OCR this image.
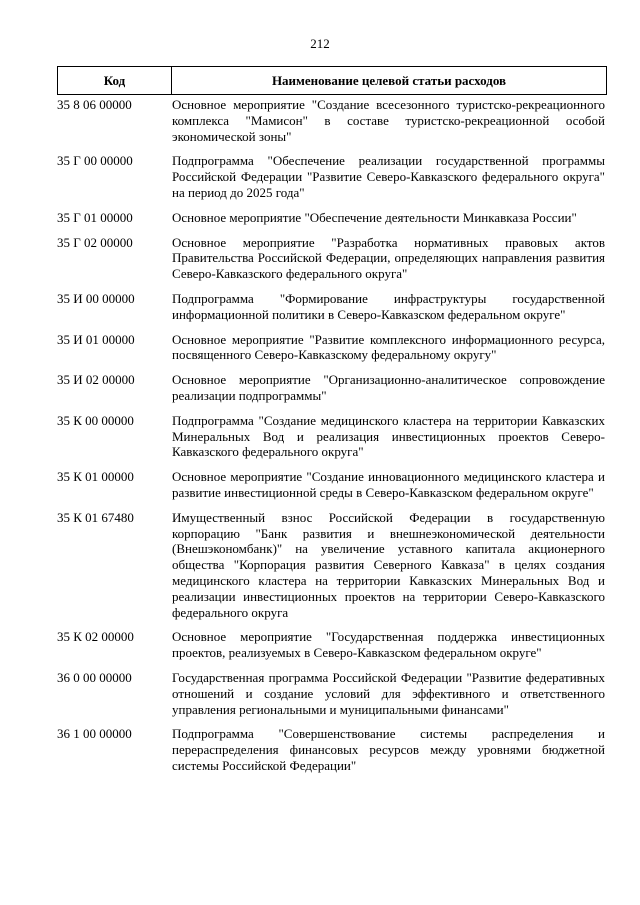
212
Код	Наименование целевой статьи расходов
35 8 06 00000	Основное мероприятие "Создание всесезонного туристско-рекреационного комплекса "Мамисон" в составе туристско-рекреационной особой экономической зоны"
35 Г 00 00000	Подпрограмма "Обеспечение реализации государственной программы Российской Федерации "Развитие Северо-Кавказского федерального округа" на период до 2025 года"
35 Г 01 00000	Основное мероприятие "Обеспечение деятельности Минкавказа России"
35 Г 02 00000	Основное мероприятие "Разработка нормативных правовых актов Правительства Российской Федерации, определяющих направления развития Северо-Кавказского федерального округа"
35 И 00 00000	Подпрограмма "Формирование инфраструктуры государственной информационной политики в Северо-Кавказском федеральном округе"
35 И 01 00000	Основное мероприятие "Развитие комплексного информационного ресурса, посвященного Северо-Кавказскому федеральному округу"
35 И 02 00000	Основное мероприятие "Организационно-аналитическое сопровождение реализации подпрограммы"
35 К 00 00000	Подпрограмма "Создание медицинского кластера на территории Кавказских Минеральных Вод и реализация инвестиционных проектов Северо-Кавказского федерального округа"
35 К 01 00000	Основное мероприятие "Создание инновационного медицинского кластера и развитие инвестиционной среды в Северо-Кавказском федеральном округе"
35 К 01 67480	Имущественный взнос Российской Федерации в государственную корпорацию "Банк развития и внешнеэкономической деятельности (Внешэкономбанк)" на увеличение уставного капитала акционерного общества "Корпорация развития Северного Кавказа" в целях создания медицинского кластера на территории Кавказских Минеральных Вод и реализации инвестиционных проектов на территории Северо-Кавказского федерального округа
35 К 02 00000	Основное мероприятие "Государственная поддержка инвестиционных проектов, реализуемых в Северо-Кавказском федеральном округе"
36 0 00 00000	Государственная программа Российской Федерации "Развитие федеративных отношений и создание условий для эффективного и ответственного управления региональными и муниципальными финансами"
36 1 00 00000	Подпрограмма "Совершенствование системы распределения и перераспределения финансовых ресурсов между уровнями бюджетной системы Российской Федерации"
